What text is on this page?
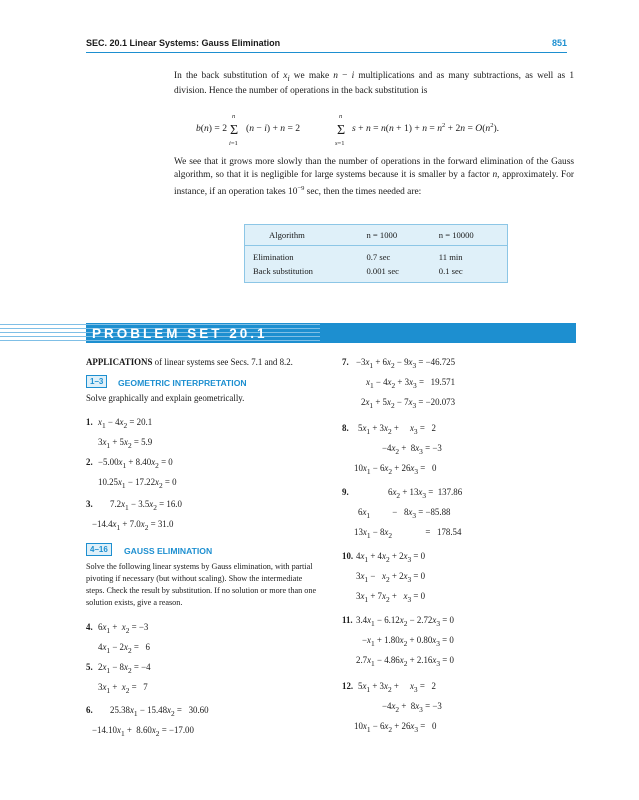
SEC. 20.1 Linear Systems: Gauss Elimination	851
In the back substitution of $x_i$ we make n − i multiplications and as many subtractions, as well as 1 division. Hence the number of operations in the back substitution is
b(n) = 2
n
Σ
i=1
(n − i) + n = 2
n
Σ
s=1
$s + n = n(n + 1) + n = n^2 + 2n = O(n^2)$.
We see that it grows more slowly than the number of operations in the forward elimination of the Gauss algorithm, so that it is negligible for large systems because it is smaller by a factor n, approximately. For instance, if an operation takes $10^{-9}$ sec, then the times needed are:
Algorithm	n = 1000	n = 10000
Elimination	0.7 sec	11 min
Back substitution	0.001 sec	0.1 sec
PROBLEM SET 20.1
APPLICATIONS of linear systems see Secs. 7.1 and 8.2.
1–3	GEOMETRIC INTERPRETATION
Solve graphically and explain geometrically.
1. $x_1 - 4x_2 = 20.1$
$3x_1 + 5x_2 = 5.9$
2. $-5.00x_1 + 8.40x_2 = 0$
$10.25x_1 - 17.22x_2 = 0$
3. $7.2x_1 - 3.5x_2 = 16.0$
$-14.4x_1 + 7.0x_2 = 31.0$
4–16	GAUSS ELIMINATION
Solve the following linear systems by Gauss elimination, with partial pivoting if necessary (but without scaling). Show the intermediate steps. Check the result by substitution. If no solution or more than one solution exists, give a reason.
4. $6x_1 + x_2 = -3$
$4x_1 - 2x_2 = 6$
5. $2x_1 - 8x_2 = -4$
$3x_1 + x_2 = 7$
6. $25.38x_1 - 15.48x_2 = 30.60$
$-14.10x_1 + 8.60x_2 = -17.00$
7. $-3x_1 + 6x_2 - 9x_3 = -46.725$
$x_1 - 4x_2 + 3x_3 = 19.571$
$2x_1 + 5x_2 - 7x_3 = -20.073$
8. $5x_1 + 3x_2$ +     $x_3 = 2$
$-4x_2 + 8x_3 = -3$
$10x_1 - 6x_2 + 26x_3 = 0$
9.	$6x_2 + 13x_3 = 137.86$
$6x_1$          −   $8x_3 = -85.88$
$13x_1 - 8x_2$               =   178.54
10. $4x_1 + 4x_2 + 2x_3 = 0$
$3x_1 - x_2 + 2x_3 = 0$
$3x_1 + 7x_2 + x_3 = 0$
11. $3.4x_1 - 6.12x_2 - 2.72x_3 = 0$
$-x_1 + 1.80x_2 + 0.80x_3 = 0$
$2.7x_1 - 4.86x_2 + 2.16x_3 = 0$
12. $5x_1 + 3x_2$ +     $x_3 = 2$
$-4x_2 + 8x_3 = -3$
$10x_1 - 6x_2 + 26x_3 = 0$
